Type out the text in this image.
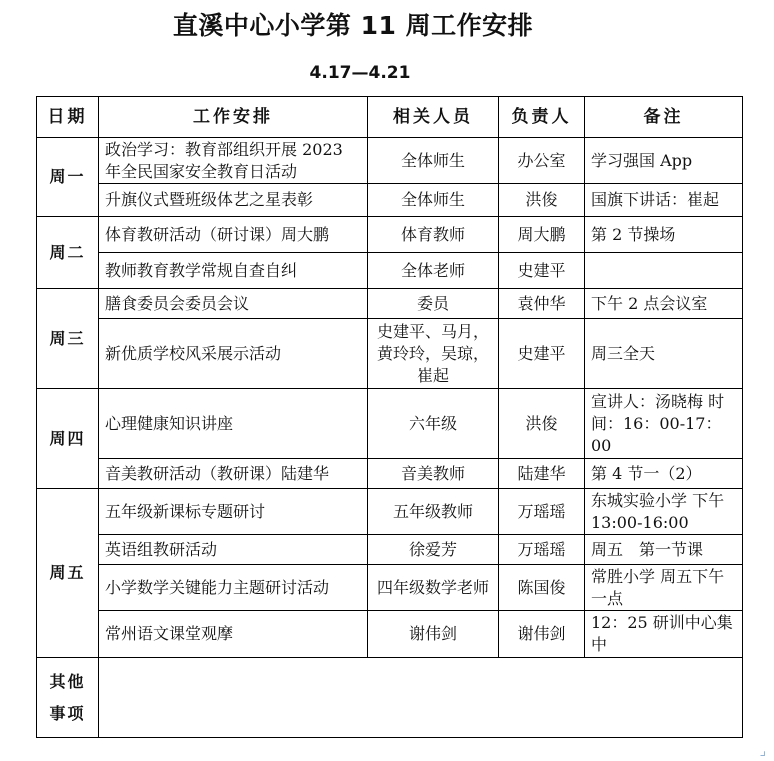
直溪中心小学第 11 周工作安排
4.17—4.21
日期	工作安排	相关人员	负责人	备注
周一	政治学习：教育部组织开展 2023 年全民国家安全教育日活动	全体师生	办公室	学习强国 App
	升旗仪式暨班级体艺之星表彰	全体师生	洪俊	国旗下讲话：崔起
周二	体育教研活动（研讨课）周大鹏	体育教师	周大鹏	第 2 节操场
	教师教育教学常规自查自纠	全体老师	史建平	
周三	膳食委员会委员会议	委员	袁仲华	下午 2 点会议室
	新优质学校风采展示活动	史建平、马月，黄玲玲，吴琼，崔起	史建平	周三全天
周四	心理健康知识讲座	六年级	洪俊	宣讲人：汤晓梅 时间：16：00-17：00
	音美教研活动（教研课）陆建华	音美教师	陆建华	第 4 节一（2）
周五	五年级新课标专题研讨	五年级教师	万瑶瑶	东城实验小学 下午 13:00-16:00
	英语组教研活动	徐爱芳	万瑶瑶	周五　第一节课
	小学数学关键能力主题研讨活动	四年级数学老师	陈国俊	常胜小学 周五下午一点
	常州语文课堂观摩	谢伟剑	谢伟剑	12：25 研训中心集中

其他
事项				

⌟
